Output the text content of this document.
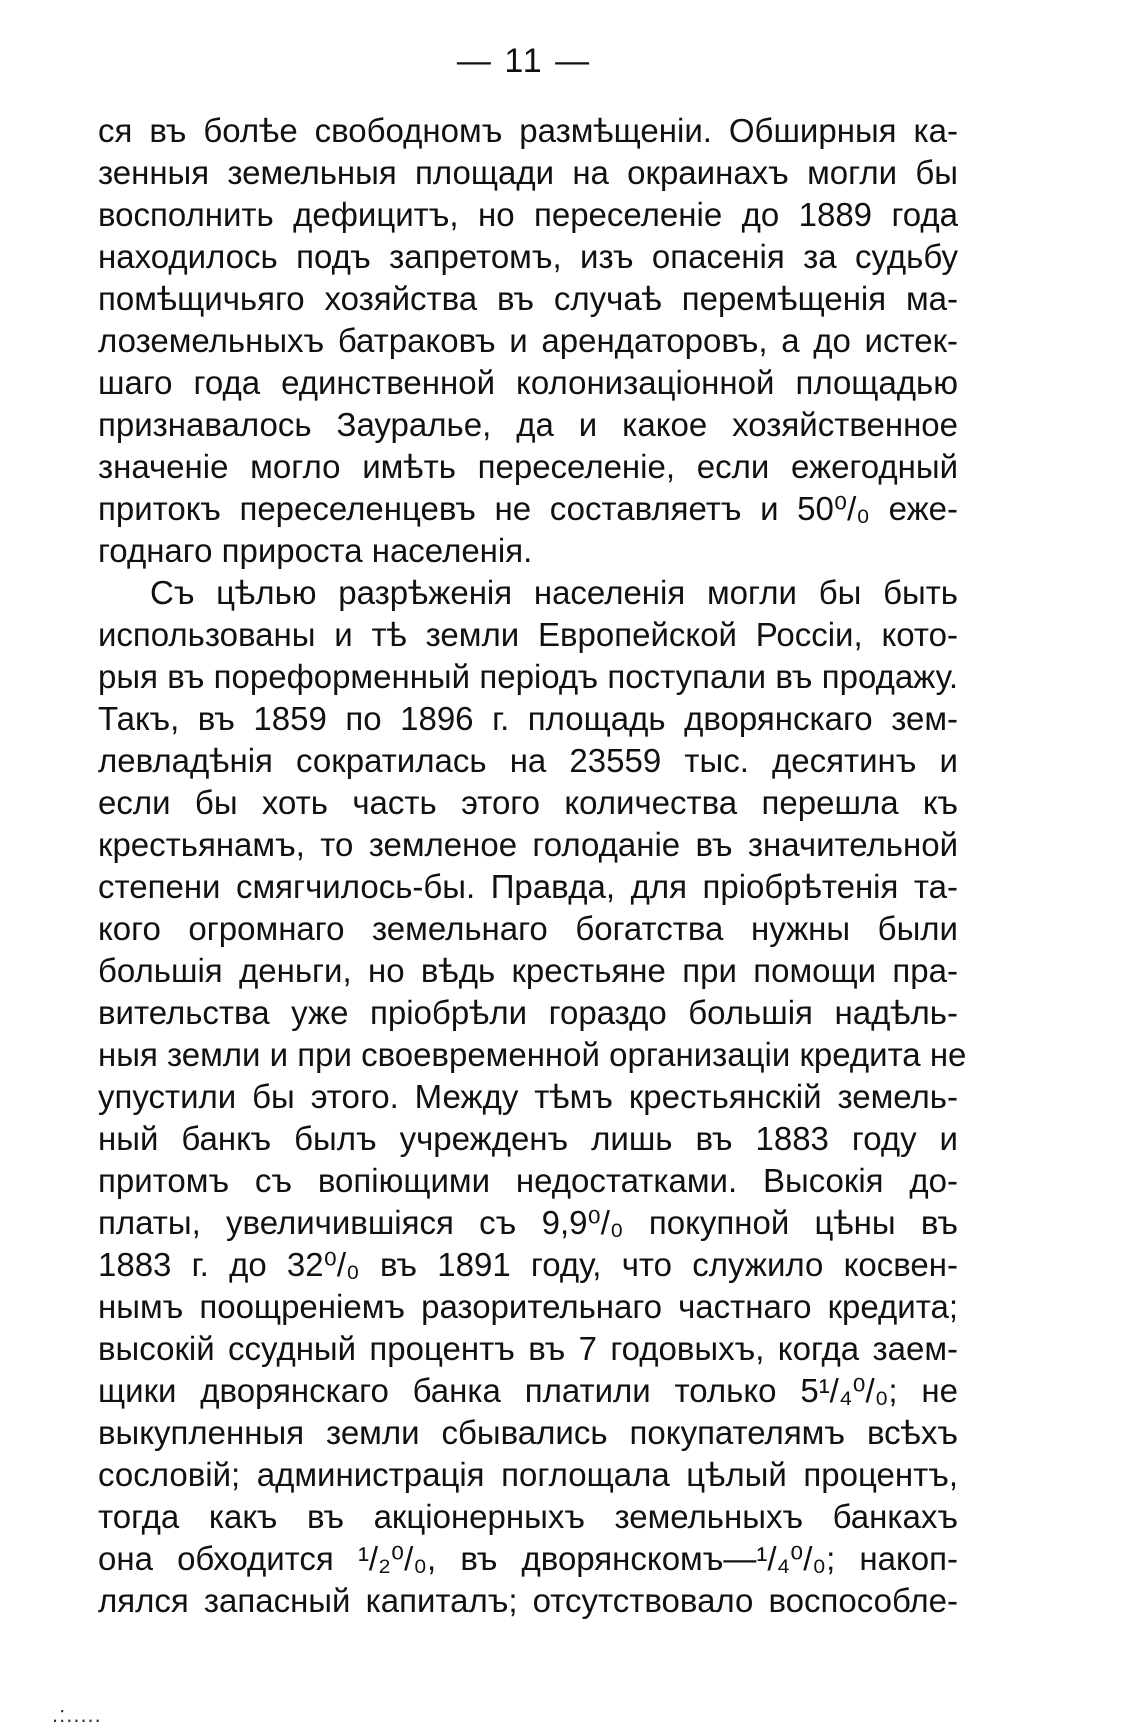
— 11 —
ся въ болѣе свободномъ размѣщеніи. Обширныя ка-
зенныя земельныя площади на окраинахъ могли бы
восполнить дефицитъ, но переселеніе до 1889 года
находилось подъ запретомъ, изъ опасенія за судьбу
помѣщичьяго хозяйства въ случаѣ перемѣщенія ма-
лоземельныхъ батраковъ и арендаторовъ, а до истек-
шаго года единственной колонизаціонной площадью
признавалось Зауралье, да и какое хозяйственное
значеніе могло имѣть переселеніе, если ежегодный
притокъ переселенцевъ не составляетъ и 50⁰/₀ еже-
годнаго прироста населенія.
Съ цѣлью разрѣженія населенія могли бы быть
использованы и тѣ земли Европейской Россіи, кото-
рыя въ пореформенный періодъ поступали въ продажу.
Такъ, въ 1859 по 1896 г. площадь дворянскаго зем-
левладѣнія сократилась на 23559 тыс. десятинъ и
если бы хоть часть этого количества перешла къ
крестьянамъ, то земленое голоданіе въ значительной
степени смягчилось-бы. Правда, для пріобрѣтенія та-
кого огромнаго земельнаго богатства нужны были
большія деньги, но вѣдь крестьяне при помощи пра-
вительства уже пріобрѣли гораздо большія надѣль-
ныя земли и при своевременной организаціи кредита не
упустили бы этого. Между тѣмъ крестьянскій земель-
ный банкъ былъ учрежденъ лишь въ 1883 году и
притомъ съ вопіющими недостатками. Высокія до-
платы, увеличившіяся съ 9,9⁰/₀ покупной цѣны въ
1883 г. до 32⁰/₀ въ 1891 году, что служило косвен-
нымъ поощреніемъ разорительнаго частнаго кредита;
высокій ссудный процентъ въ 7 годовыхъ, когда заем-
щики дворянскаго банка платили только 5¹/₄⁰/₀; не
выкупленныя земли сбывались покупателямъ всѣхъ
сословій; администрація поглощала цѣлый процентъ,
тогда какъ въ акціонерныхъ земельныхъ банкахъ
она обходится ¹/₂⁰/₀, въ дворянскомъ—¹/₄⁰/₀; накоп-
лялся запасный капиталъ; отсутствовало воспособле-
.:.....
